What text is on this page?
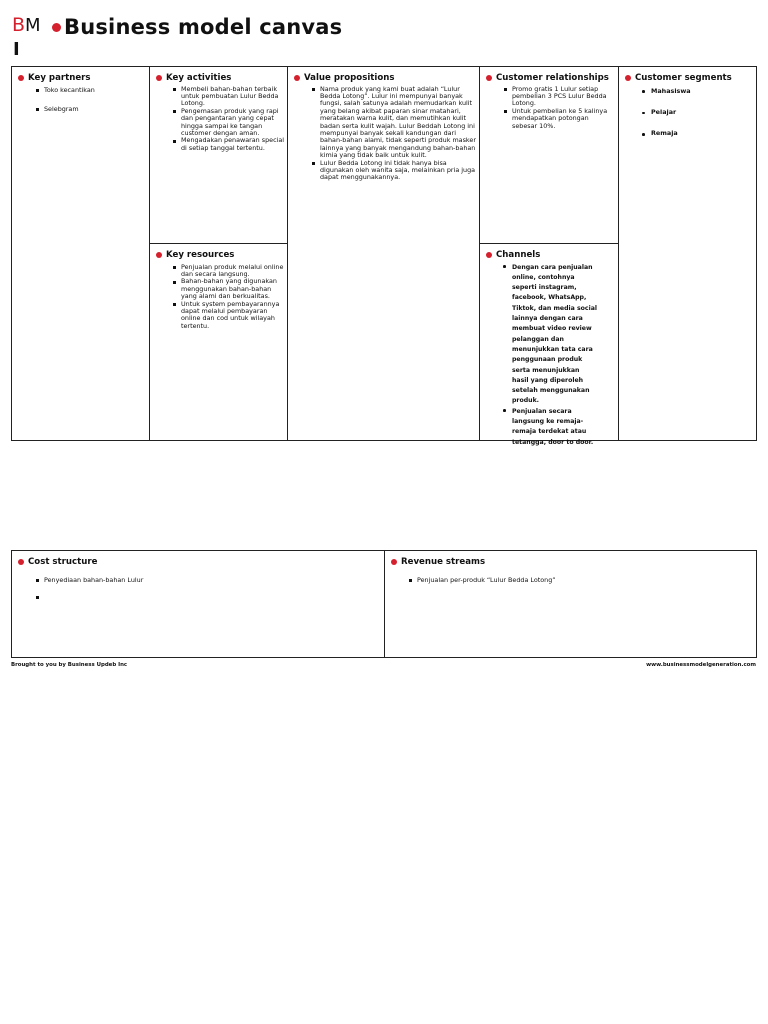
BM
I
Business model canvas
Key partners
Toko kecantikan
Selebgram
Key activities
Membeli bahan-bahan terbaik untuk pembuatan Lulur Bedda Lotong.
Pengemasan produk yang rapi dan pengantaran yang cepat hingga sampai ke tangan customer dengan aman.
Mengadakan penawaran special di setiap tanggal tertentu.
Key resources
Penjualan produk melalui online dan secara langsung.
Bahan-bahan yang digunakan menggunakan bahan-bahan yang alami dan berkualitas.
Untuk system pembayarannya dapat melalui pembayaran online dan cod untuk wilayah tertentu.
Value propositions
Nama produk yang kami buat adalah “Lulur Bedda Lotong”. Lulur ini mempunyai banyak fungsi, salah satunya adalah memudarkan kulit yang belang akibat paparan sinar matahari, meratakan warna kulit, dan memutihkan kulit badan serta kulit wajah. Lulur Beddah Lotong ini mempunyai banyak sekali kandungan dari bahan-bahan alami, tidak seperti produk masker lainnya yang banyak mengandung bahan-bahan kimia yang tidak baik untuk kulit.
Lulur Bedda Lotong ini tidak hanya bisa digunakan oleh wanita saja, melainkan pria juga dapat menggunakannya.
Customer relationships
Promo gratis 1 Lulur setiap pembelian 3 PCS Lulur Bedda Lotong.
Untuk pembelian ke 5 kalinya mendapatkan potongan sebesar 10%.
Channels
Dengan cara penjualan online, contohnya seperti instagram, facebook, WhatsApp, Tiktok, dan media social lainnya dengan cara membuat video review pelanggan dan menunjukkan tata cara penggunaan produk serta menunjukkan hasil yang diperoleh setelah menggunakan produk.
Penjualan secara langsung ke remaja-remaja terdekat atau tetangga, door to door.
Customer segments
Mahasiswa
Pelajar
Remaja
Cost structure
Penyediaan bahan-bahan Lulur
Revenue streams
Penjualan per-produk “Lulur Bedda Lotong”
Brought to you by Business Updeb Inc	www.businessmodelgeneration.com
